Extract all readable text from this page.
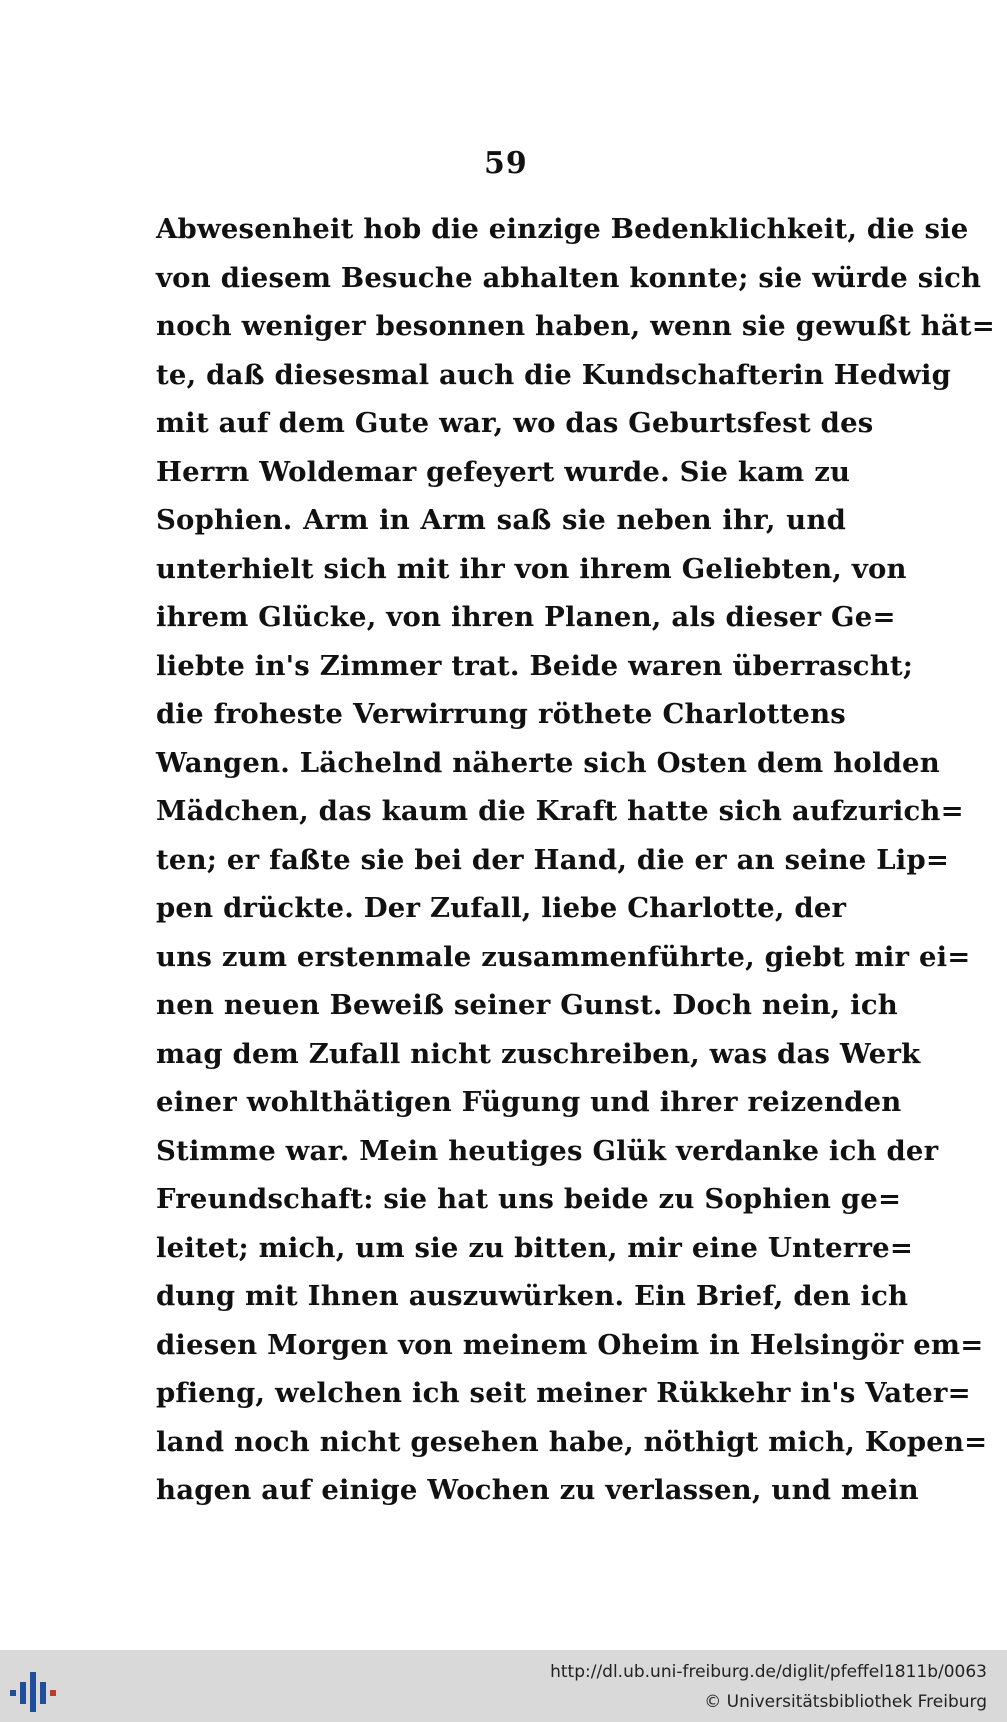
59
Abwesenheit hob die einzige Bedenklichkeit, die sie
von diesem Besuche abhalten konnte; sie würde sich
noch weniger besonnen haben, wenn sie gewußt hät=
te, daß diesesmal auch die Kundschafterin Hedwig
mit auf dem Gute war, wo das Geburtsfest des
Herrn Woldemar gefeyert wurde. Sie kam zu
Sophien. Arm in Arm saß sie neben ihr, und
unterhielt sich mit ihr von ihrem Geliebten, von
ihrem Glücke, von ihren Planen, als dieser Ge=
liebte in's Zimmer trat. Beide waren überrascht;
die froheste Verwirrung röthete Charlottens
Wangen. Lächelnd näherte sich Osten dem holden
Mädchen, das kaum die Kraft hatte sich aufzurich=
ten; er faßte sie bei der Hand, die er an seine Lip=
pen drückte. Der Zufall, liebe Charlotte, der
uns zum erstenmale zusammenführte, giebt mir ei=
nen neuen Beweiß seiner Gunst. Doch nein, ich
mag dem Zufall nicht zuschreiben, was das Werk
einer wohlthätigen Fügung und ihrer reizenden
Stimme war. Mein heutiges Glük verdanke ich der
Freundschaft: sie hat uns beide zu Sophien ge=
leitet; mich, um sie zu bitten, mir eine Unterre=
dung mit Ihnen auszuwürken. Ein Brief, den ich
diesen Morgen von meinem Oheim in Helsingör em=
pfieng, welchen ich seit meiner Rükkehr in's Vater=
land noch nicht gesehen habe, nöthigt mich, Kopen=
hagen auf einige Wochen zu verlassen, und mein
http://dl.ub.uni-freiburg.de/diglit/pfeffel1811b/0063
© Universitätsbibliothek Freiburg
